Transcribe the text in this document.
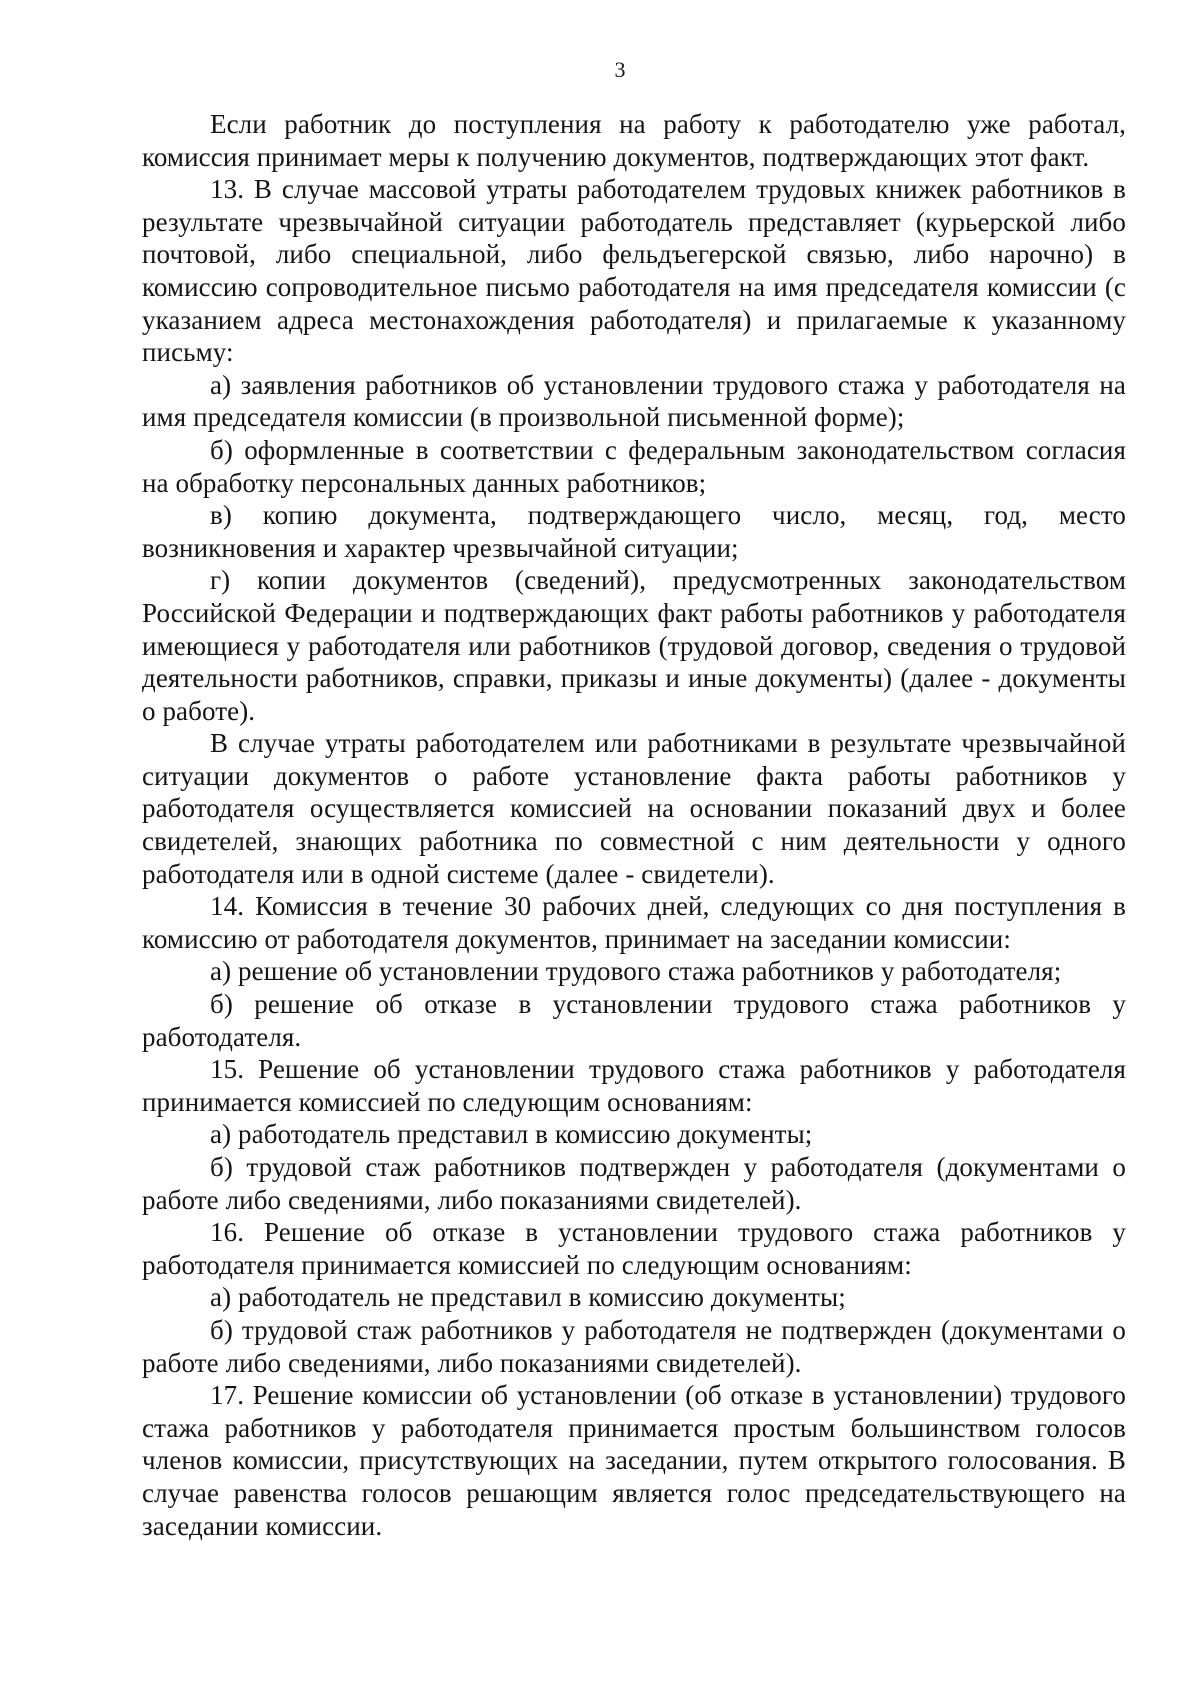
3

Если работник до поступления на работу к работодателю уже работал, комиссия принимает меры к получению документов, подтверждающих этот факт.

13. В случае массовой утраты работодателем трудовых книжек работников в результате чрезвычайной ситуации работодатель представляет (курьерской либо почтовой, либо специальной, либо фельдъегерской связью, либо нарочно) в комиссию сопроводительное письмо работодателя на имя председателя комиссии (с указанием адреса местонахождения работодателя) и прилагаемые к указанному письму:

а) заявления работников об установлении трудового стажа у работодателя на имя председателя комиссии (в произвольной письменной форме);

б) оформленные в соответствии с федеральным законодательством согласия на обработку персональных данных работников;

в) копию документа, подтверждающего число, месяц, год, место возникновения и характер чрезвычайной ситуации;

г) копии документов (сведений), предусмотренных законодательством Российской Федерации и подтверждающих факт работы работников у работодателя имеющиеся у работодателя или работников (трудовой договор, сведения о трудовой деятельности работников, справки, приказы и иные документы) (далее - документы о работе).

В случае утраты работодателем или работниками в результате чрезвычайной ситуации документов о работе установление факта работы работников у работодателя осуществляется комиссией на основании показаний двух и более свидетелей, знающих работника по совместной с ним деятельности у одного работодателя или в одной системе (далее - свидетели).

14. Комиссия в течение 30 рабочих дней, следующих со дня поступления в комиссию от работодателя документов, принимает на заседании комиссии:

а) решение об установлении трудового стажа работников у работодателя;

б) решение об отказе в установлении трудового стажа работников у работодателя.

15. Решение об установлении трудового стажа работников у работодателя принимается комиссией по следующим основаниям:

а) работодатель представил в комиссию документы;

б) трудовой стаж работников подтвержден у работодателя (документами о работе либо сведениями, либо показаниями свидетелей).

16. Решение об отказе в установлении трудового стажа работников у работодателя принимается комиссией по следующим основаниям:

а) работодатель не представил в комиссию документы;

б) трудовой стаж работников у работодателя не подтвержден (документами о работе либо сведениями, либо показаниями свидетелей).

17. Решение комиссии об установлении (об отказе в установлении) трудового стажа работников у работодателя принимается простым большинством голосов членов комиссии, присутствующих на заседании, путем открытого голосования. В случае равенства голосов решающим является голос председательствующего на заседании комиссии.
